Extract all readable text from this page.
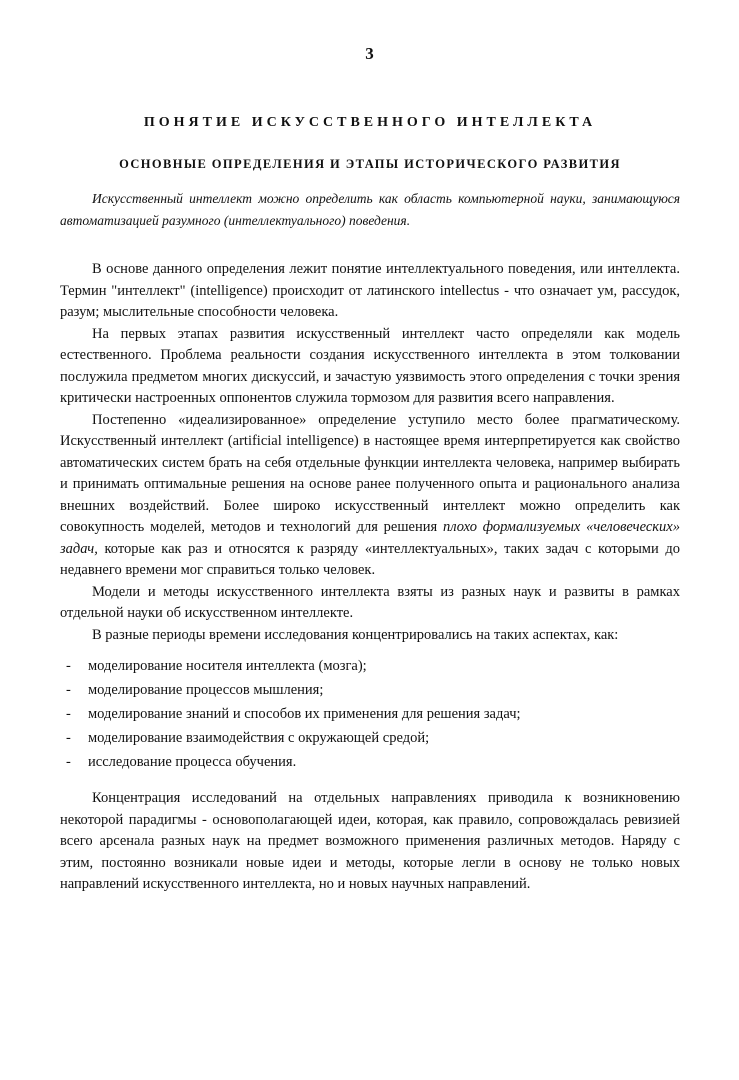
3
ПОНЯТИЕ ИСКУССТВЕННОГО ИНТЕЛЛЕКТА
ОСНОВНЫЕ ОПРЕДЕЛЕНИЯ И ЭТАПЫ ИСТОРИЧЕСКОГО РАЗВИТИЯ
Искусственный интеллект можно определить как область компьютерной науки, занимающуюся автоматизацией разумного (интеллектуального) поведения.

В основе данного определения лежит понятие интеллектуального поведения, или интеллекта. Термин "интеллект" (intelligence) происходит от латинского intellectus - что означает ум, рассудок, разум; мыслительные способности человека.

На первых этапах развития искусственный интеллект часто определяли как модель естественного. Проблема реальности создания искусственного интеллекта в этом толковании послужила предметом многих дискуссий, и зачастую уязвимость этого определения с точки зрения критически настроенных оппонентов служила тормозом для развития всего направления.

Постепенно «идеализированное» определение уступило место более прагматическому. Искусственный интеллект (artificial intelligence) в настоящее время интерпретируется как свойство автоматических систем брать на себя отдельные функции интеллекта человека, например выбирать и принимать оптимальные решения на основе ранее полученного опыта и рационального анализа внешних воздействий. Более широко искусственный интеллект можно определить как совокупность моделей, методов и технологий для решения плохо формализуемых «человеческих» задач, которые как раз и относятся к разряду «интеллектуальных», таких задач с которыми до недавнего времени мог справиться только человек.

Модели и методы искусственного интеллекта взяты из разных наук и развиты в рамках отдельной науки об искусственном интеллекте.

В разные периоды времени исследования концентрировались на таких аспектах, как:

- моделирование носителя интеллекта (мозга);
- моделирование процессов мышления;
- моделирование знаний и способов их применения для решения задач;
- моделирование взаимодействия с окружающей средой;
- исследование процесса обучения.

Концентрация исследований на отдельных направлениях приводила к возникновению некоторой парадигмы - основополагающей идеи, которая, как правило, сопровождалась ревизией всего арсенала разных наук на предмет возможного применения различных методов. Наряду с этим, постоянно возникали новые идеи и методы, которые легли в основу не только новых направлений искусственного интеллекта, но и новых научных направлений.
